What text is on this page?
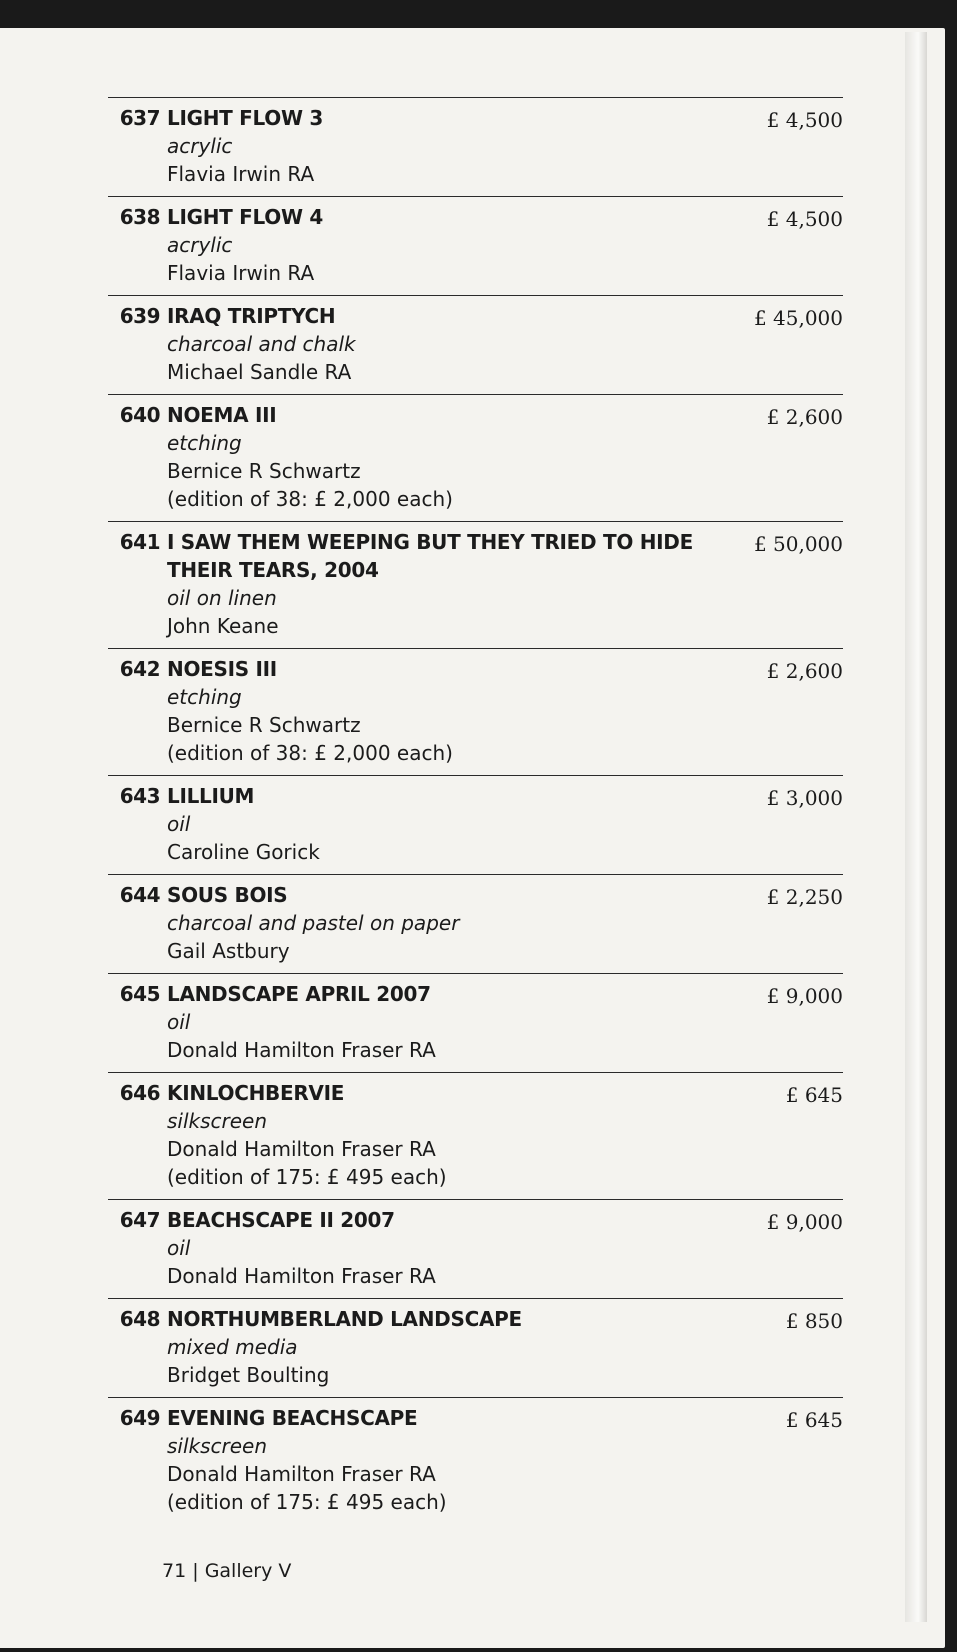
637 LIGHT FLOW 3
acrylic
Flavia Irwin RA
£ 4,500
638 LIGHT FLOW 4
acrylic
Flavia Irwin RA
£ 4,500
639 IRAQ TRIPTYCH
charcoal and chalk
Michael Sandle RA
£ 45,000
640 NOEMA III
etching
Bernice R Schwartz
(edition of 38: £ 2,000 each)
£ 2,600
641 I SAW THEM WEEPING BUT THEY TRIED TO HIDE THEIR TEARS, 2004
oil on linen
John Keane
£ 50,000
642 NOESIS III
etching
Bernice R Schwartz
(edition of 38: £ 2,000 each)
£ 2,600
643 LILLIUM
oil
Caroline Gorick
£ 3,000
644 SOUS BOIS
charcoal and pastel on paper
Gail Astbury
£ 2,250
645 LANDSCAPE APRIL 2007
oil
Donald Hamilton Fraser RA
£ 9,000
646 KINLOCHBERVIE
silkscreen
Donald Hamilton Fraser RA
(edition of 175: £ 495 each)
£ 645
647 BEACHSCAPE II 2007
oil
Donald Hamilton Fraser RA
£ 9,000
648 NORTHUMBERLAND LANDSCAPE
mixed media
Bridget Boulting
£ 850
649 EVENING BEACHSCAPE
silkscreen
Donald Hamilton Fraser RA
(edition of 175: £ 495 each)
£ 645
71 | Gallery V
